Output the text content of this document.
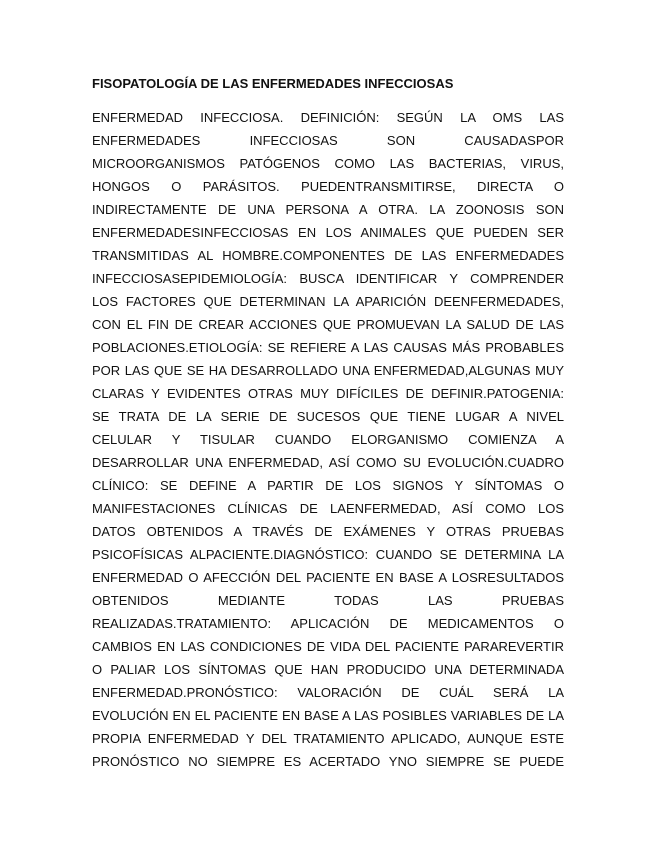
FISOPATOLOGÍA DE LAS ENFERMEDADES INFECCIOSAS
ENFERMEDAD INFECCIOSA. DEFINICIÓN: SEGÚN LA OMS LAS
ENFERMEDADES INFECCIOSAS SON CAUSADASPOR
MICROORGANISMOS PATÓGENOS COMO LAS BACTERIAS, VIRUS,
HONGOS O PARÁSITOS. PUEDENTRANSMITIRSE, DIRECTA O
INDIRECTAMENTE DE UNA PERSONA A OTRA. LA ZOONOSIS SON
ENFERMEDADESINFECCIOSAS EN LOS ANIMALES QUE PUEDEN SER
TRANSMITIDAS AL HOMBRE.COMPONENTES DE LAS ENFERMEDADES
INFECCIOSASEPIDEMIOLOGÍA: BUSCA IDENTIFICAR Y COMPRENDER
LOS FACTORES QUE DETERMINAN LA APARICIÓN DEENFERMEDADES,
CON EL FIN DE CREAR ACCIONES QUE PROMUEVAN LA SALUD DE LAS
POBLACIONES.ETIOLOGÍA: SE REFIERE A LAS CAUSAS MÁS PROBABLES
POR LAS QUE SE HA DESARROLLADO UNA ENFERMEDAD,ALGUNAS MUY
CLARAS Y EVIDENTES OTRAS MUY DIFÍCILES DE DEFINIR.PATOGENIA:
SE TRATA DE LA SERIE DE SUCESOS QUE TIENE LUGAR A NIVEL
CELULAR Y TISULAR CUANDO ELORGANISMO COMIENZA A
DESARROLLAR UNA ENFERMEDAD, ASÍ COMO SU EVOLUCIÓN.CUADRO
CLÍNICO: SE DEFINE A PARTIR DE LOS SIGNOS Y SÍNTOMAS O
MANIFESTACIONES CLÍNICAS DE LAENFERMEDAD, ASÍ COMO LOS
DATOS OBTENIDOS A TRAVÉS DE EXÁMENES Y OTRAS PRUEBAS
PSICOFÍSICAS ALPACIENTE.DIAGNÓSTICO: CUANDO SE DETERMINA LA
ENFERMEDAD O AFECCIÓN DEL PACIENTE EN BASE A LOSRESULTADOS
OBTENIDOS MEDIANTE TODAS LAS PRUEBAS
REALIZADAS.TRATAMIENTO: APLICACIÓN DE MEDICAMENTOS O
CAMBIOS EN LAS CONDICIONES DE VIDA DEL PACIENTE PARAREVERTIR
O PALIAR LOS SÍNTOMAS QUE HAN PRODUCIDO UNA DETERMINADA
ENFERMEDAD.PRONÓSTICO: VALORACIÓN DE CUÁL SERÁ LA
EVOLUCIÓN EN EL PACIENTE EN BASE A LAS POSIBLES VARIABLES DE LA
PROPIA ENFERMEDAD Y DEL TRATAMIENTO APLICADO, AUNQUE ESTE
PRONÓSTICO NO SIEMPRE ES ACERTADO YNO SIEMPRE SE PUEDE
